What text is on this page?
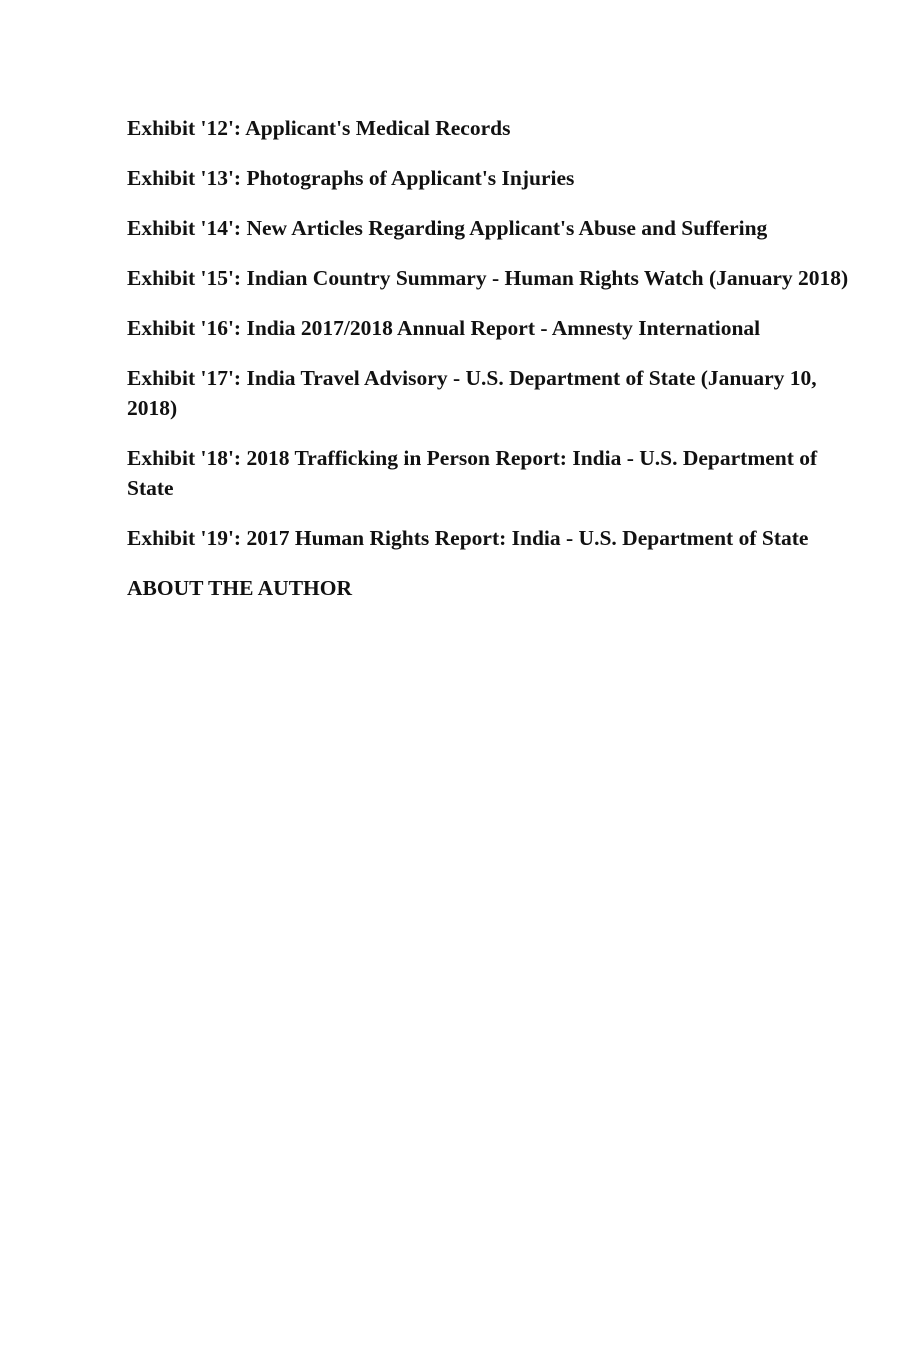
Exhibit '12': Applicant's Medical Records

Exhibit '13': Photographs of Applicant's Injuries

Exhibit '14': New Articles Regarding Applicant's Abuse and Suffering

Exhibit '15': Indian Country Summary - Human Rights Watch (January 2018)

Exhibit '16': India 2017/2018 Annual Report - Amnesty International

Exhibit '17': India Travel Advisory - U.S. Department of State (January 10, 2018)

Exhibit '18': 2018 Trafficking in Person Report: India - U.S. Department of State

Exhibit '19': 2017 Human Rights Report: India - U.S. Department of State

ABOUT THE AUTHOR
